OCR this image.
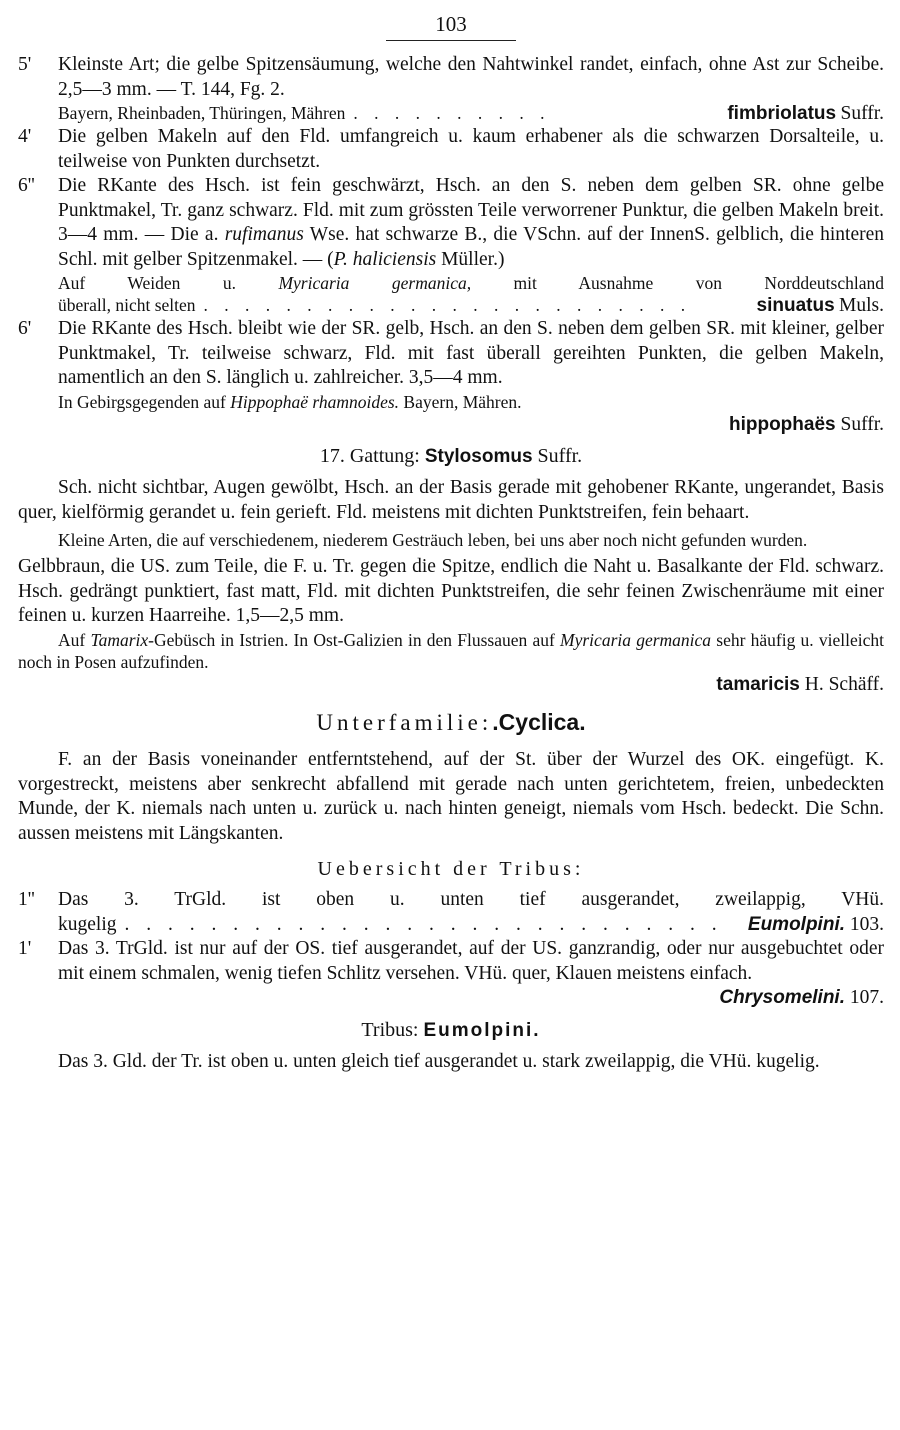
103
5' Kleinste Art; die gelbe Spitzensäumung, welche den Nahtwinkel randet, einfach, ohne Ast zur Scheibe. 2,5—3 mm. — T. 144, Fg. 2.
Bayern, Rheinbaden, Thüringen, Mähren . . . . . . . . . .	fimbriolatus Suffr.
4' Die gelben Makeln auf den Fld. umfangreich u. kaum erhabener als die schwarzen Dorsalteile, u. teilweise von Punkten durchsetzt.
6'' Die RKante des Hsch. ist fein geschwärzt, Hsch. an den S. neben dem gelben SR. ohne gelbe Punktmakel, Tr. ganz schwarz. Fld. mit zum grössten Teile verworrener Punktur, die gelben Makeln breit. 3—4 mm. — Die a. rufimanus Wse. hat schwarze B., die VSchn. auf der InnenS. gelblich, die hinteren Schl. mit gelber Spitzenmakel. — (P. haliciensis Müller.)
Auf Weiden u. Myricaria germanica, mit Ausnahme von Norddeutschland
überall, nicht selten . . . . . . . . . . . . . . . . . . . . . . . .	sinuatus Muls.
6' Die RKante des Hsch. bleibt wie der SR. gelb, Hsch. an den S. neben dem gelben SR. mit kleiner, gelber Punktmakel, Tr. teilweise schwarz, Fld. mit fast überall gereihten Punkten, die gelben Makeln, namentlich an den S. länglich u. zahlreicher. 3,5—4 mm.
In Gebirgsgegenden auf Hippophaë rhamnoides. Bayern, Mähren.
hippophaës Suffr.
17. Gattung: Stylosomus Suffr.
Sch. nicht sichtbar, Augen gewölbt, Hsch. an der Basis gerade mit gehobener RKante, ungerandet, Basis quer, kielförmig gerandet u. fein gerieft. Fld. meistens mit dichten Punktstreifen, fein behaart.
Kleine Arten, die auf verschiedenem, niederem Gesträuch leben, bei uns aber noch nicht gefunden wurden.
Gelbbraun, die US. zum Teile, die F. u. Tr. gegen die Spitze, endlich die Naht u. Basalkante der Fld. schwarz. Hsch. gedrängt punktiert, fast matt, Fld. mit dichten Punktstreifen, die sehr feinen Zwischenräume mit einer feinen u. kurzen Haarreihe. 1,5—2,5 mm.
Auf Tamarix-Gebüsch in Istrien. In Ost-Galizien in den Flussauen auf Myricaria germanica sehr häufig u. vielleicht noch in Posen aufzufinden.
tamaricis H. Schäff.
Unterfamilie:.Cyclica.
F. an der Basis voneinander entferntstehend, auf der St. über der Wurzel des OK. eingefügt. K. vorgestreckt, meistens aber senkrecht abfallend mit gerade nach unten gerichtetem, freien, unbedeckten Munde, der K. niemals nach unten u. zurück u. nach hinten geneigt, niemals vom Hsch. bedeckt. Die Schn. aussen meistens mit Längskanten.
Uebersicht der Tribus:
1'' Das 3. TrGld. ist oben u. unten tief ausgerandet, zweilappig, VHü.
kugelig . . . . . . . . . . . . . . . . . . . . . . . . . . . .	Eumolpini. 103.
1' Das 3. TrGld. ist nur auf der OS. tief ausgerandet, auf der US. ganzrandig, oder nur ausgebuchtet oder mit einem schmalen, wenig tiefen Schlitz versehen. VHü. quer, Klauen meistens einfach.
Chrysomelini. 107.
Tribus: Eumolpini.
Das 3. Gld. der Tr. ist oben u. unten gleich tief ausgerandet u. stark zweilappig, die VHü. kugelig.
